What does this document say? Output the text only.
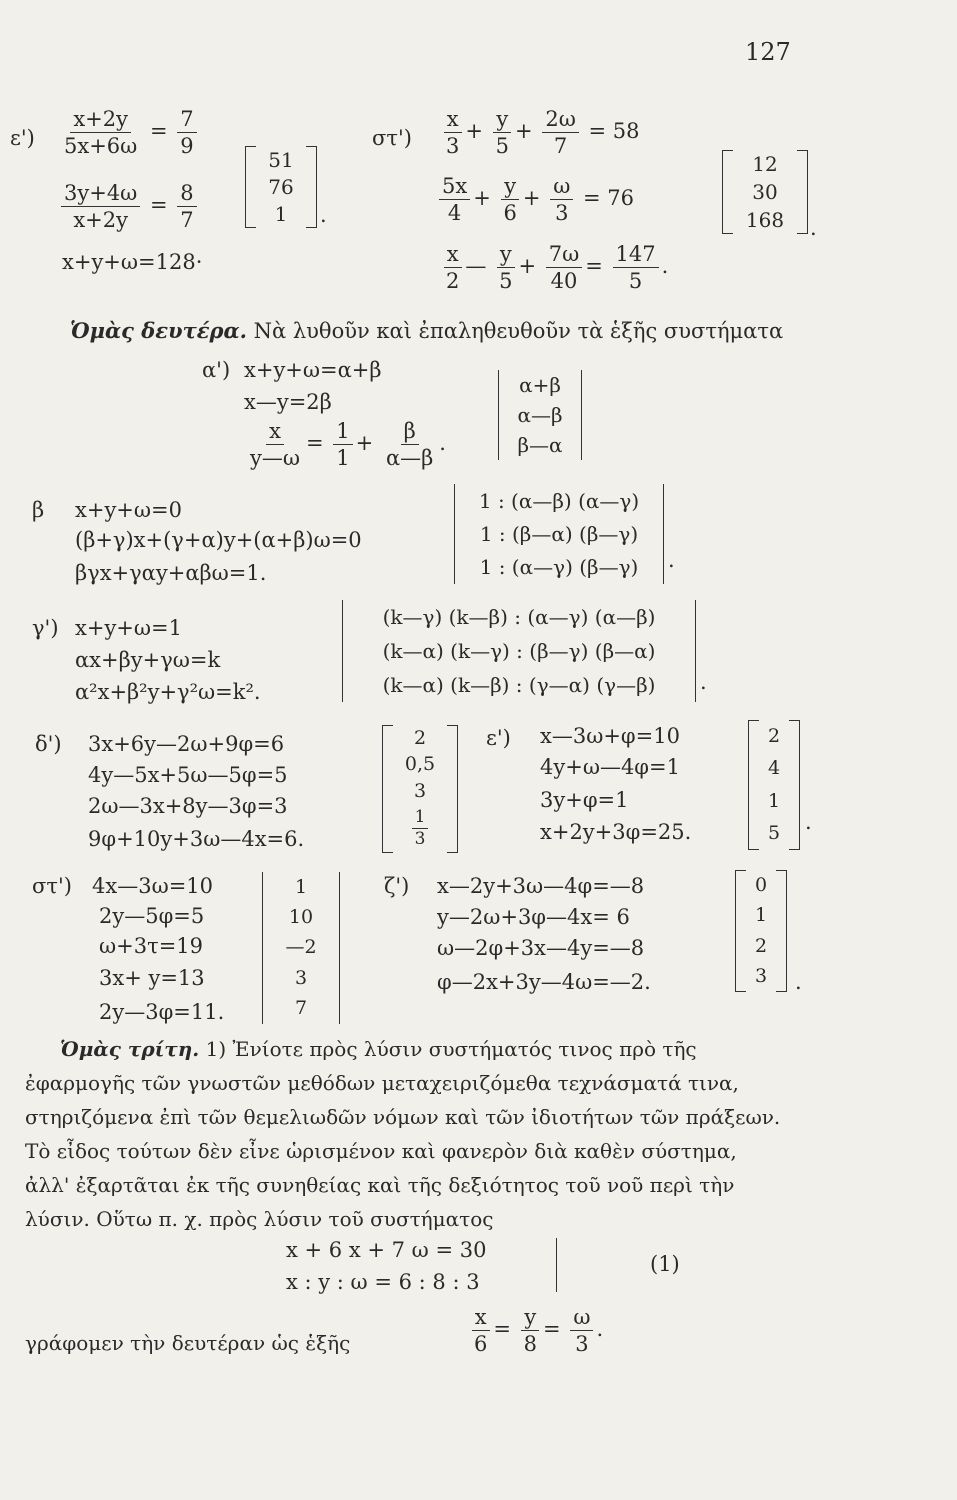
127
$\varepsilon') \frac{x+2y}{5x+6\omega} = \frac{7}{9}$
$\frac{3y+4\omega}{x+2y} = \frac{8}{7}$
x+y+ω=128·
51
76
1 .
$\sigma\tau') \frac{x}{3} + \frac{y}{5} + \frac{2\omega}{7} = 58$
$\frac{5x}{4} + \frac{y}{6} + \frac{\omega}{3} = 76$
$\frac{x}{2}$ — $\frac{y}{5} + \frac{7\omega}{40} = \frac{147}{5}$ .
12
30
168 .
Ὁμὰς δευτέρα. Νὰ λυθοῦν καὶ ἐπαληθευθοῦν τὰ ἑξῆς συστήματα
α') x+y+ω=α+β
x—y=2β
$\frac{x}{y—\omega} = \frac{1}{1} + \frac{\beta}{\alpha—\beta}$ .
α+β
α—β
β—α
β x+y+ω=0
(β+γ)x+(γ+α)y+(α+β)ω=0
βγx+γαy+αβω=1.
1 : (α—β) (α—γ)
1 : (β—α) (β—γ)
1 : (α—γ) (β—γ) .
γ') x+y+ω=1
αx+βy+γω=k
α²x+β²y+γ²ω=k².
(k—γ) (k—β) : (α—γ) (α—β)
(k—α) (k—γ) : (β—γ) (β—α)
(k—α) (k—β) : (γ—α) (γ—β) .
δ') 3x+6y—2ω+9φ=6
4y—5x+5ω—5φ=5
2ω—3x+8y—3φ=3
9φ+10y+3ω—4x=6.
2
0,5
3
$\frac{1}{3}$
ε') x—3ω+φ=10
4y+ω—4φ=1
3y+φ=1
x+2y+3φ=25.
2
4
1
5 .
στ') 4x—3ω=10
2y—5φ=5
ω+3τ=19
3x+ y=13
2y—3φ=11.
1
10
—2
3
7
ζ') x—2y+3ω—4φ=—8
y—2ω+3φ—4x= 6
ω—2φ+3x—4y=—8
φ—2x+3y—4ω=—2.
0
1
2
3 .
Ὁμὰς τρίτη. 1) Ἐνίοτε πρὸς λύσιν συστήματός τινος πρὸ τῆς
ἐφαρμογῆς τῶν γνωστῶν μεθόδων μεταχειριζόμεθα τεχνάσματά τινα,
στηριζόμενα ἐπὶ τῶν θεμελιωδῶν νόμων καὶ τῶν ἰδιοτήτων τῶν πράξεων.
Τὸ εἶδος τούτων δὲν εἶνε ὡρισμένον καὶ φανερὸν διὰ καθὲν σύστημα,
ἀλλ' ἐξαρτᾶται ἐκ τῆς συνηθείας καὶ τῆς δεξιότητος τοῦ νοῦ περὶ τὴν
λύσιν. Οὕτω π. χ. πρὸς λύσιν τοῦ συστήματος
x + 6 x + 7 ω = 30
x : y : ω = 6 : 8 : 3
(1)
γράφομεν τὴν δευτέραν ὡς ἑξῆς	$\frac{x}{6} = \frac{y}{8} = \frac{\omega}{3}$ .
